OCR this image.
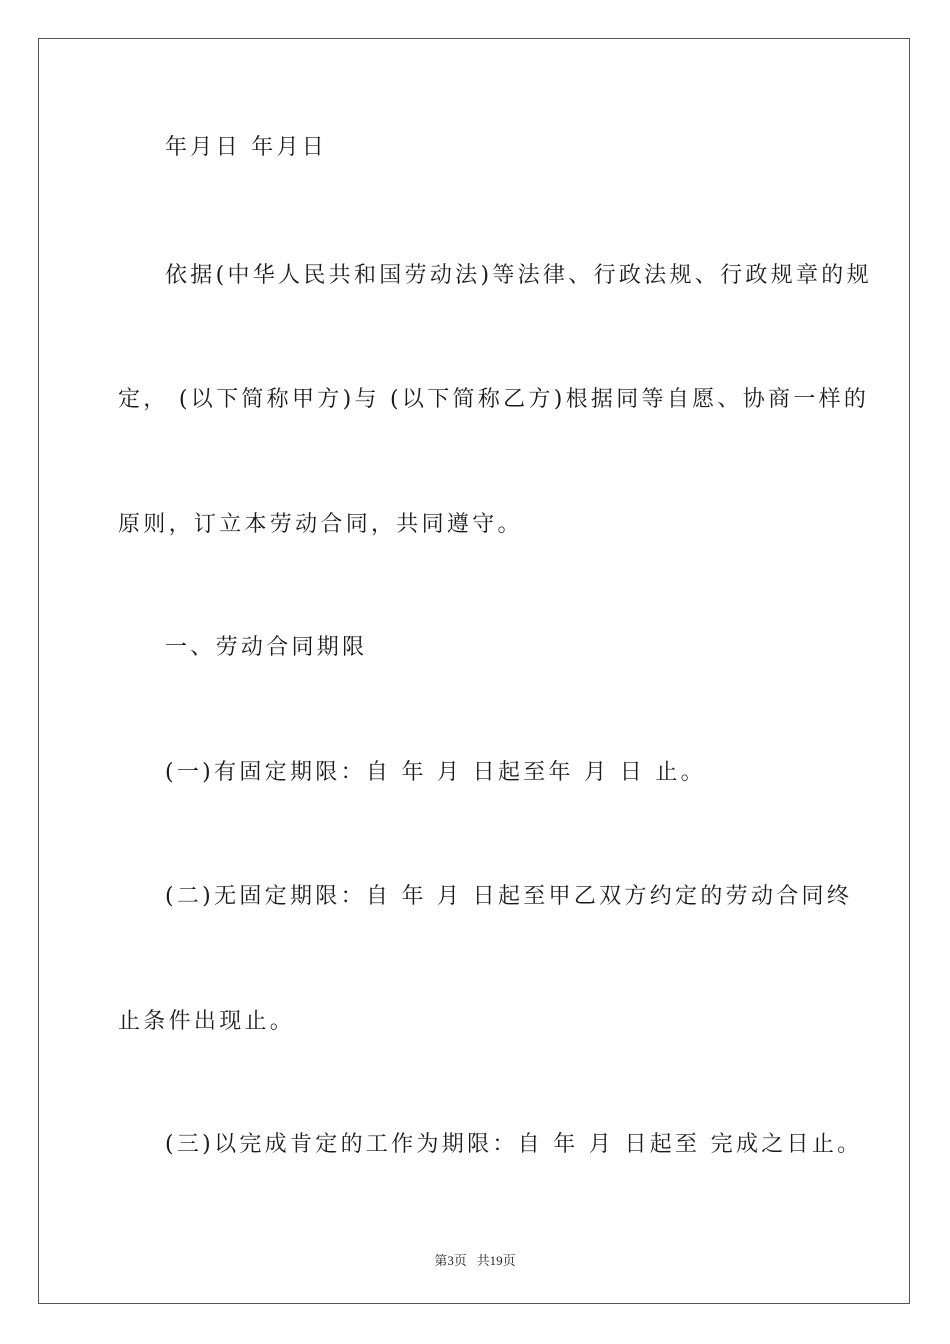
年月日 年月日

依据(中华人民共和国劳动法)等法律、行政法规、行政规章的规

定， (以下简称甲方)与 (以下简称乙方)根据同等自愿、协商一样的

原则，订立本劳动合同，共同遵守。

一、劳动合同期限

(一)有固定期限：自 年 月 日起至年 月 日 止。

(二)无固定期限：自 年 月 日起至甲乙双方约定的劳动合同终

止条件出现止。

(三)以完成肯定的工作为期限：自 年 月 日起至 完成之日止。

第3页   共19页
